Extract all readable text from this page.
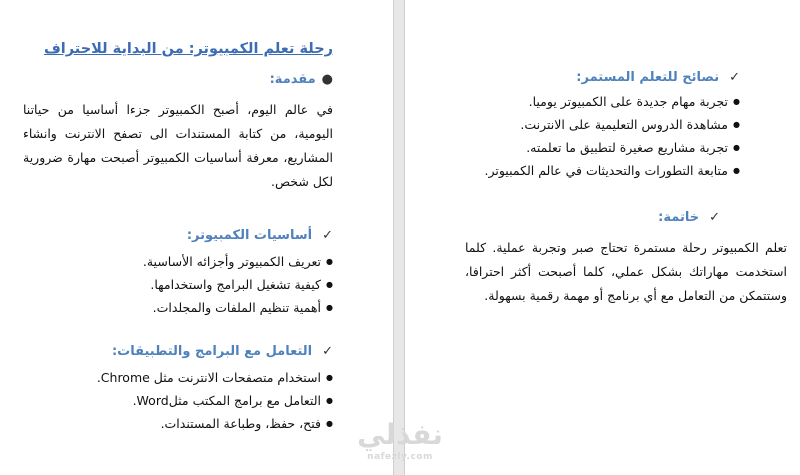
رحلة تعلم الكمبيوتر: من البداية للاحتراف
●مقدمة:
في عالم اليوم، أصبح الكمبيوتر جزءا أساسيا من حياتنا اليومية، من كتابة المستندات الى تصفح الانترنت وانشاء المشاريع، معرفة أساسيات الكمبيوتر أصبحت مهارة ضرورية لكل شخص.
✓أساسيات الكمبيوتر:
● تعريف الكمبيوتر وأجزائه الأساسية.
● كيفية تشغيل البرامج واستخدامها.
● أهمية تنظيم الملفات والمجلدات.
✓التعامل مع البرامج والتطبيقات:
● استخدام متصفحات الانترنت مثل Chrome.
● التعامل مع برامج المكتب مثلWord.
● فتح، حفظ، وطباعة المستندات.
✓نصائح للتعلم المستمر:
● تجربة مهام جديدة على الكمبيوتر يوميا.
● مشاهدة الدروس التعليمية على الانترنت.
● تجربة مشاريع صغيرة لتطبيق ما تعلمته.
● متابعة التطورات والتحديثات في عالم الكمبيوتر.
✓خاتمة:
تعلم الكمبيوتر رحلة مستمرة تحتاج صبر وتجربة عملية. كلما استخدمت مهاراتك بشكل عملي، كلما أصبحت أكثر احترافا، وستتمكن من التعامل مع أي برنامج أو مهمة رقمية بسهولة.
نفذلي
nafezly.com
